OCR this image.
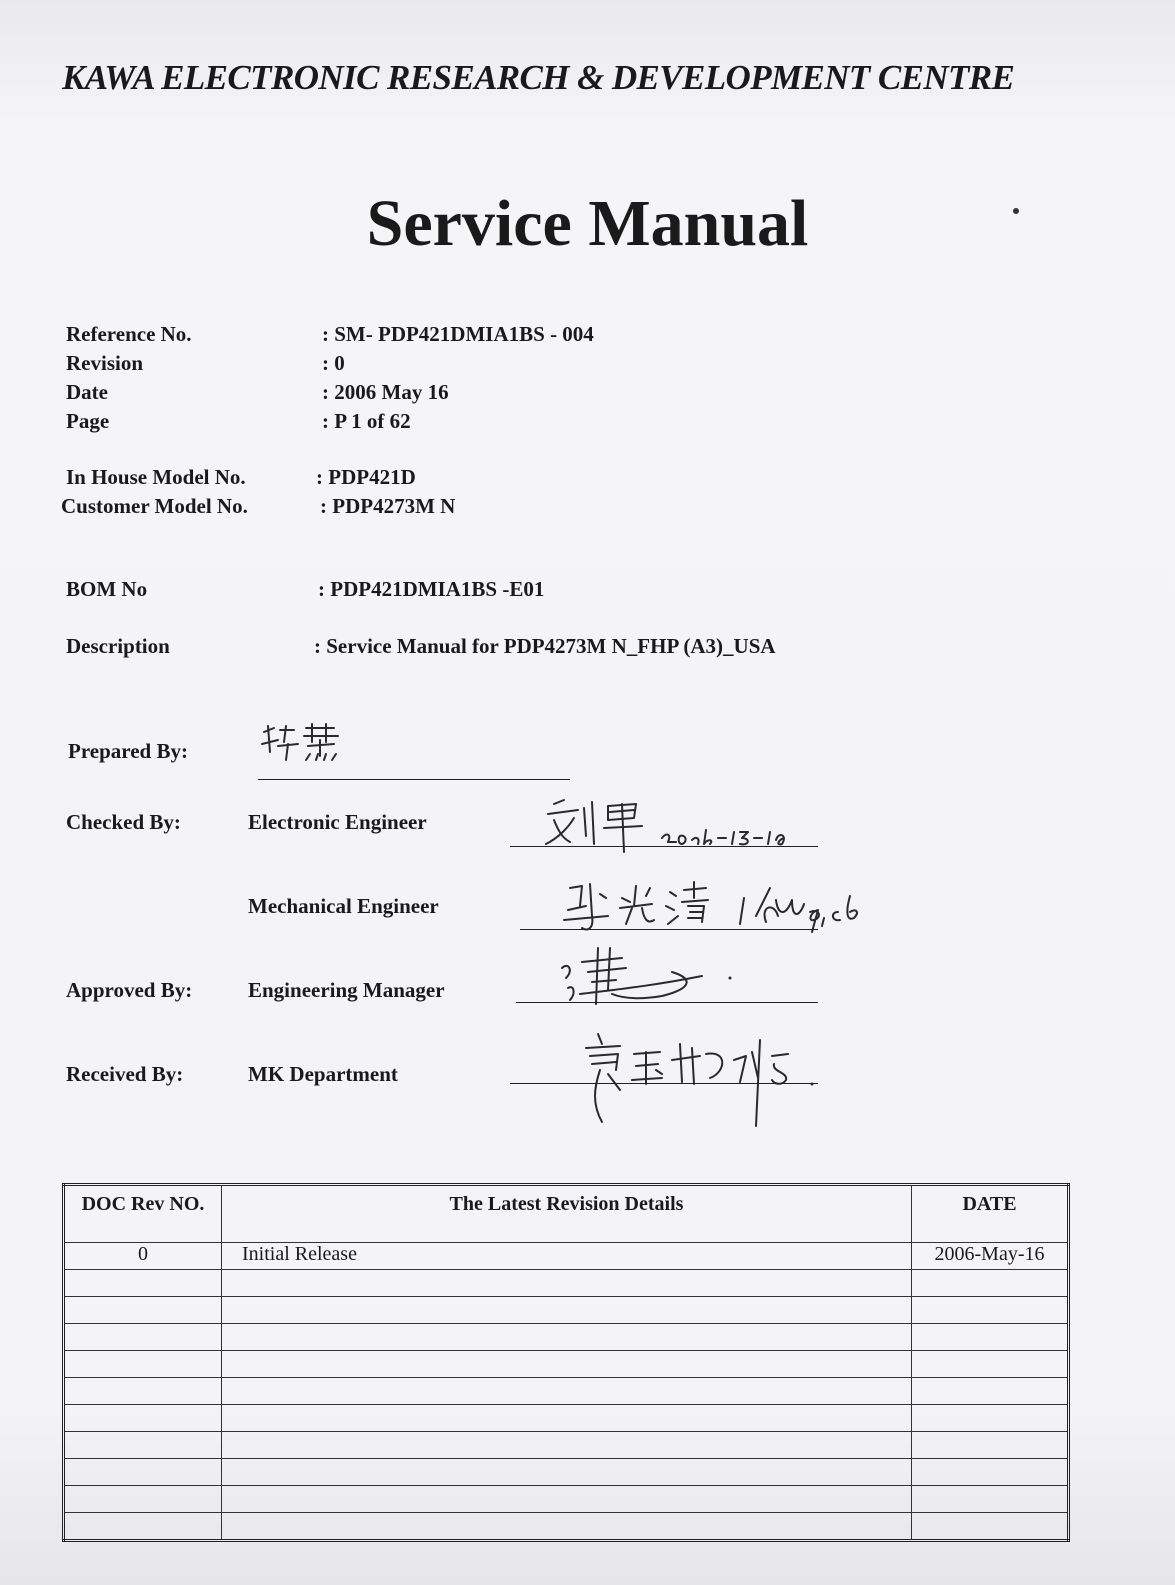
KAWA ELECTRONIC RESEARCH & DEVELOPMENT CENTRE
Service Manual
Reference No.	: SM- PDP421DMIA1BS - 004
Revision	: 0
Date	: 2006 May 16
Page	: P 1 of 62
In House Model No.	: PDP421D
Customer Model No.	: PDP4273M N
BOM No	: PDP421DMIA1BS -E01
Description	: Service Manual for PDP4273M N_FHP (A3)_USA
Prepared By:
Checked By:	Electronic Engineer
Mechanical Engineer
Approved By:	Engineering Manager
Received By:	MK Department
DOC Rev NO.	The Latest Revision Details	DATE
0	Initial Release	2006-May-16
